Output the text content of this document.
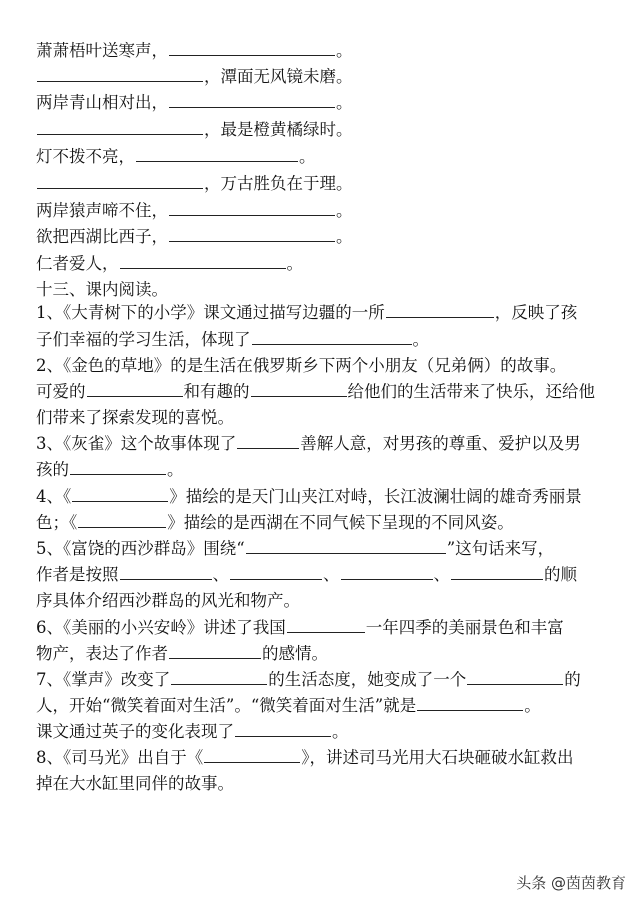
萧萧梧叶送寒声，	。
，潭面无风镜未磨。
两岸青山相对出，	。
，最是橙黄橘绿时。
灯不拨不亮，	。
，万古胜负在于理。
两岸猿声啼不住，	。
欲把西湖比西子，	。
仁者爱人，	。
十三、课内阅读。
1、《大青树下的小学》课文通过描写边疆的一所	，反映了孩
子们幸福的学习生活，体现了	。
2、《金色的草地》的是生活在俄罗斯乡下两个小朋友（兄弟俩）的故事。
可爱的	和有趣的	给他们的生活带来了快乐，还给他
们带来了探索发现的喜悦。
3、《灰雀》这个故事体现了	善解人意，对男孩的尊重、爱护以及男
孩的	。
4、《	》描绘的是天门山夹江对峙，长江波澜壮阔的雄奇秀丽景
色；《	》描绘的是西湖在不同气候下呈现的不同风姿。
5、《富饶的西沙群岛》围绕“	”这句话来写，
作者是按照	、	、	、	的顺
序具体介绍西沙群岛的风光和物产。
6、《美丽的小兴安岭》讲述了我国	一年四季的美丽景色和丰富
物产，表达了作者	的感情。
7、《掌声》改变了	的生活态度，她变成了一个	的
人，开始“微笑着面对生活”。“微笑着面对生活”就是	。
课文通过英子的变化表现了	。
8、《司马光》出自于《	》，讲述司马光用大石块砸破水缸救出
掉在大水缸里同伴的故事。
头条 @茵茵教育
